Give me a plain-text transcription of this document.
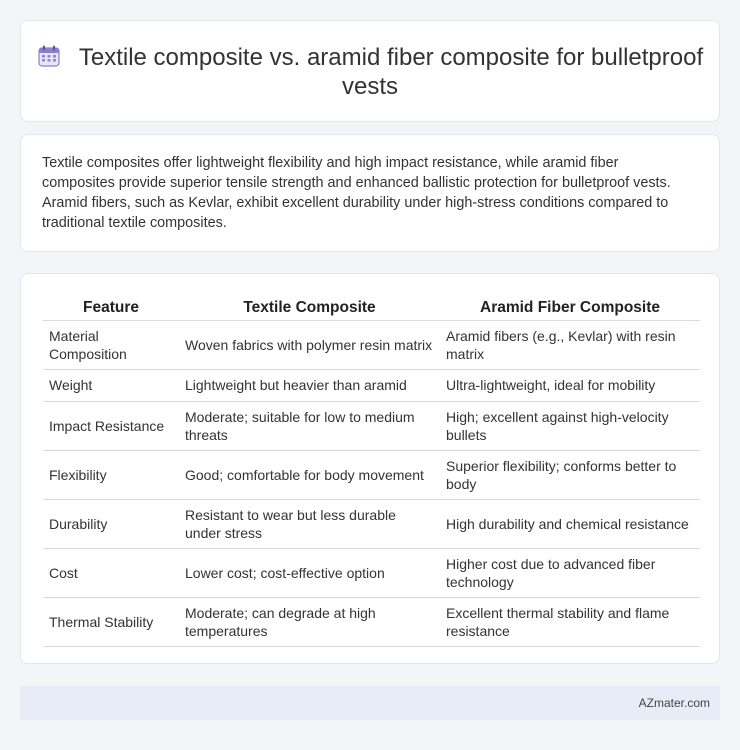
Textile composite vs. aramid fiber composite for bulletproof vests

Textile composites offer lightweight flexibility and high impact resistance, while aramid fiber composites provide superior tensile strength and enhanced ballistic protection for bulletproof vests. Aramid fibers, such as Kevlar, exhibit excellent durability under high-stress conditions compared to traditional textile composites.

Feature	Textile Composite	Aramid Fiber Composite
Material Composition	Woven fabrics with polymer resin matrix	Aramid fibers (e.g., Kevlar) with resin matrix
Weight	Lightweight but heavier than aramid	Ultra-lightweight, ideal for mobility
Impact Resistance	Moderate; suitable for low to medium threats	High; excellent against high-velocity bullets
Flexibility	Good; comfortable for body movement	Superior flexibility; conforms better to body
Durability	Resistant to wear but less durable under stress	High durability and chemical resistance
Cost	Lower cost; cost-effective option	Higher cost due to advanced fiber technology
Thermal Stability	Moderate; can degrade at high temperatures	Excellent thermal stability and flame resistance
AZmater.com
